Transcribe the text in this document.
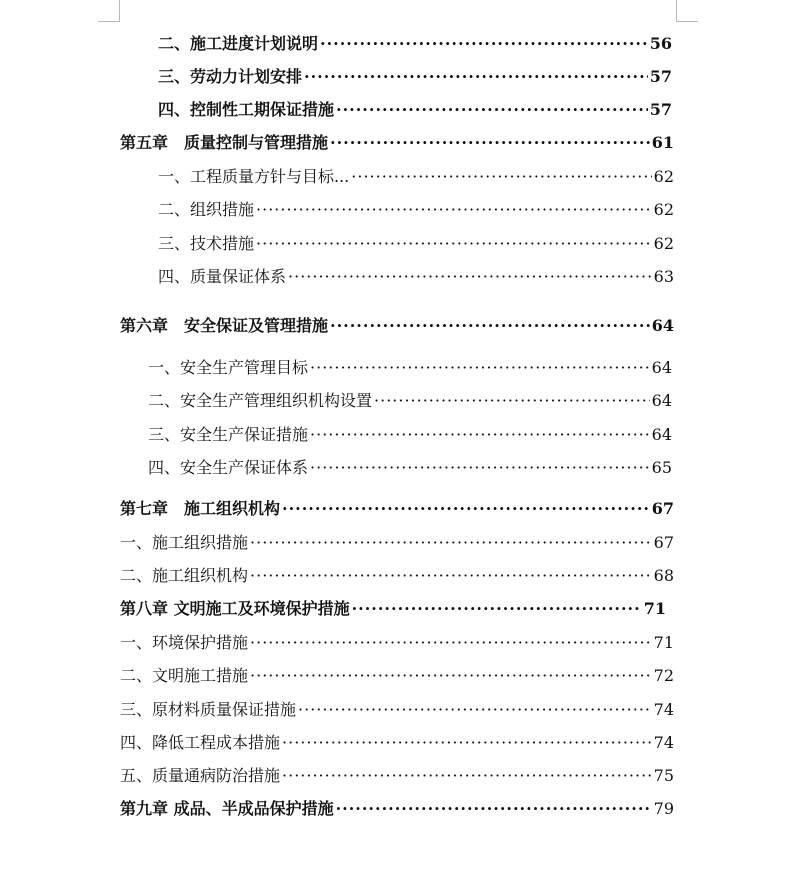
二、施工进度计划说明 ·····	56
三、劳动力计划安排 ·····	57
四、控制性工期保证措施 ·····	57
第五章　质量控制与管理措施 ·····	61
一、工程质量方针与目标... ·····	62
二、组织措施 ·····	62
三、技术措施 ·····	62
四、质量保证体系 ·····	63
第六章　安全保证及管理措施 ·····	64
一、安全生产管理目标 ·····	64
二、安全生产管理组织机构设置 ·····	64
三、安全生产保证措施 ·····	64
四、安全生产保证体系 ·····	65
第七章　施工组织机构 ·····	67
一、施工组织措施 ·····	67
二、施工组织机构 ·····	68
第八章 文明施工及环境保护措施 ·····	71
一、环境保护措施 ·····	71
二、文明施工措施 ·····	72
三、原材料质量保证措施 ·····	74
四、降低工程成本措施 ·····	74
五、质量通病防治措施 ·····	75
第九章 成品、半成品保护措施 ·····	79
